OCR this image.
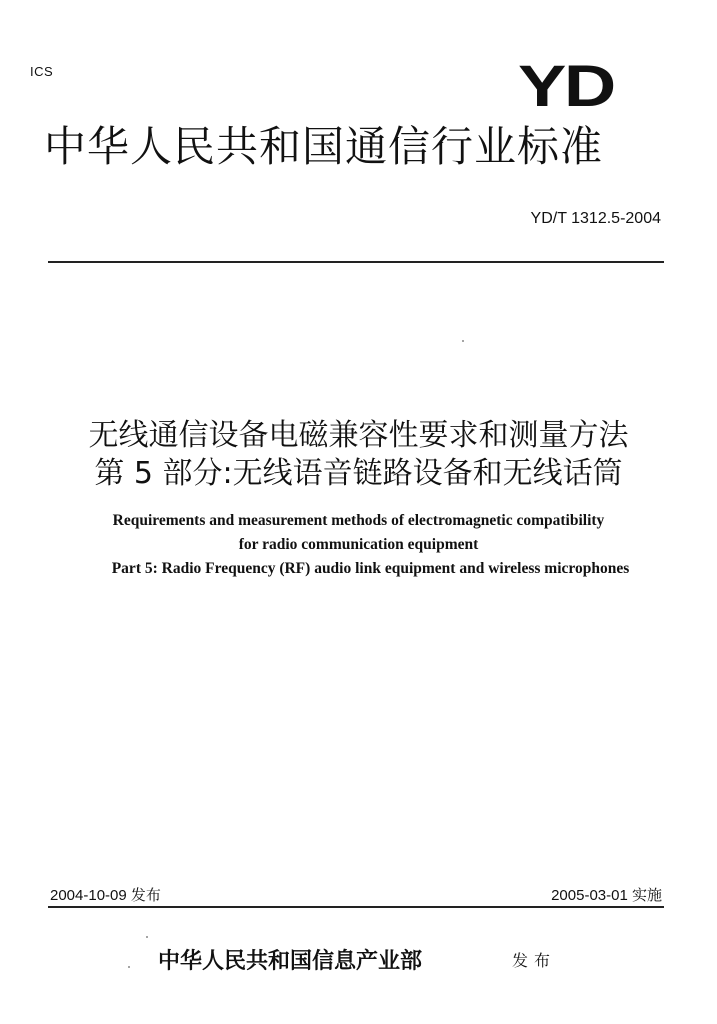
ICS	YD
中华人民共和国通信行业标准
YD/T 1312.5-2004
无线通信设备电磁兼容性要求和测量方法
第 5 部分:无线语音链路设备和无线话筒
Requirements and measurement methods of electromagnetic compatibility
for radio communication equipment
Part 5: Radio Frequency (RF) audio link equipment and wireless microphones
2004-10-09 发布	2005-03-01 实施
中华人民共和国信息产业部	发布
